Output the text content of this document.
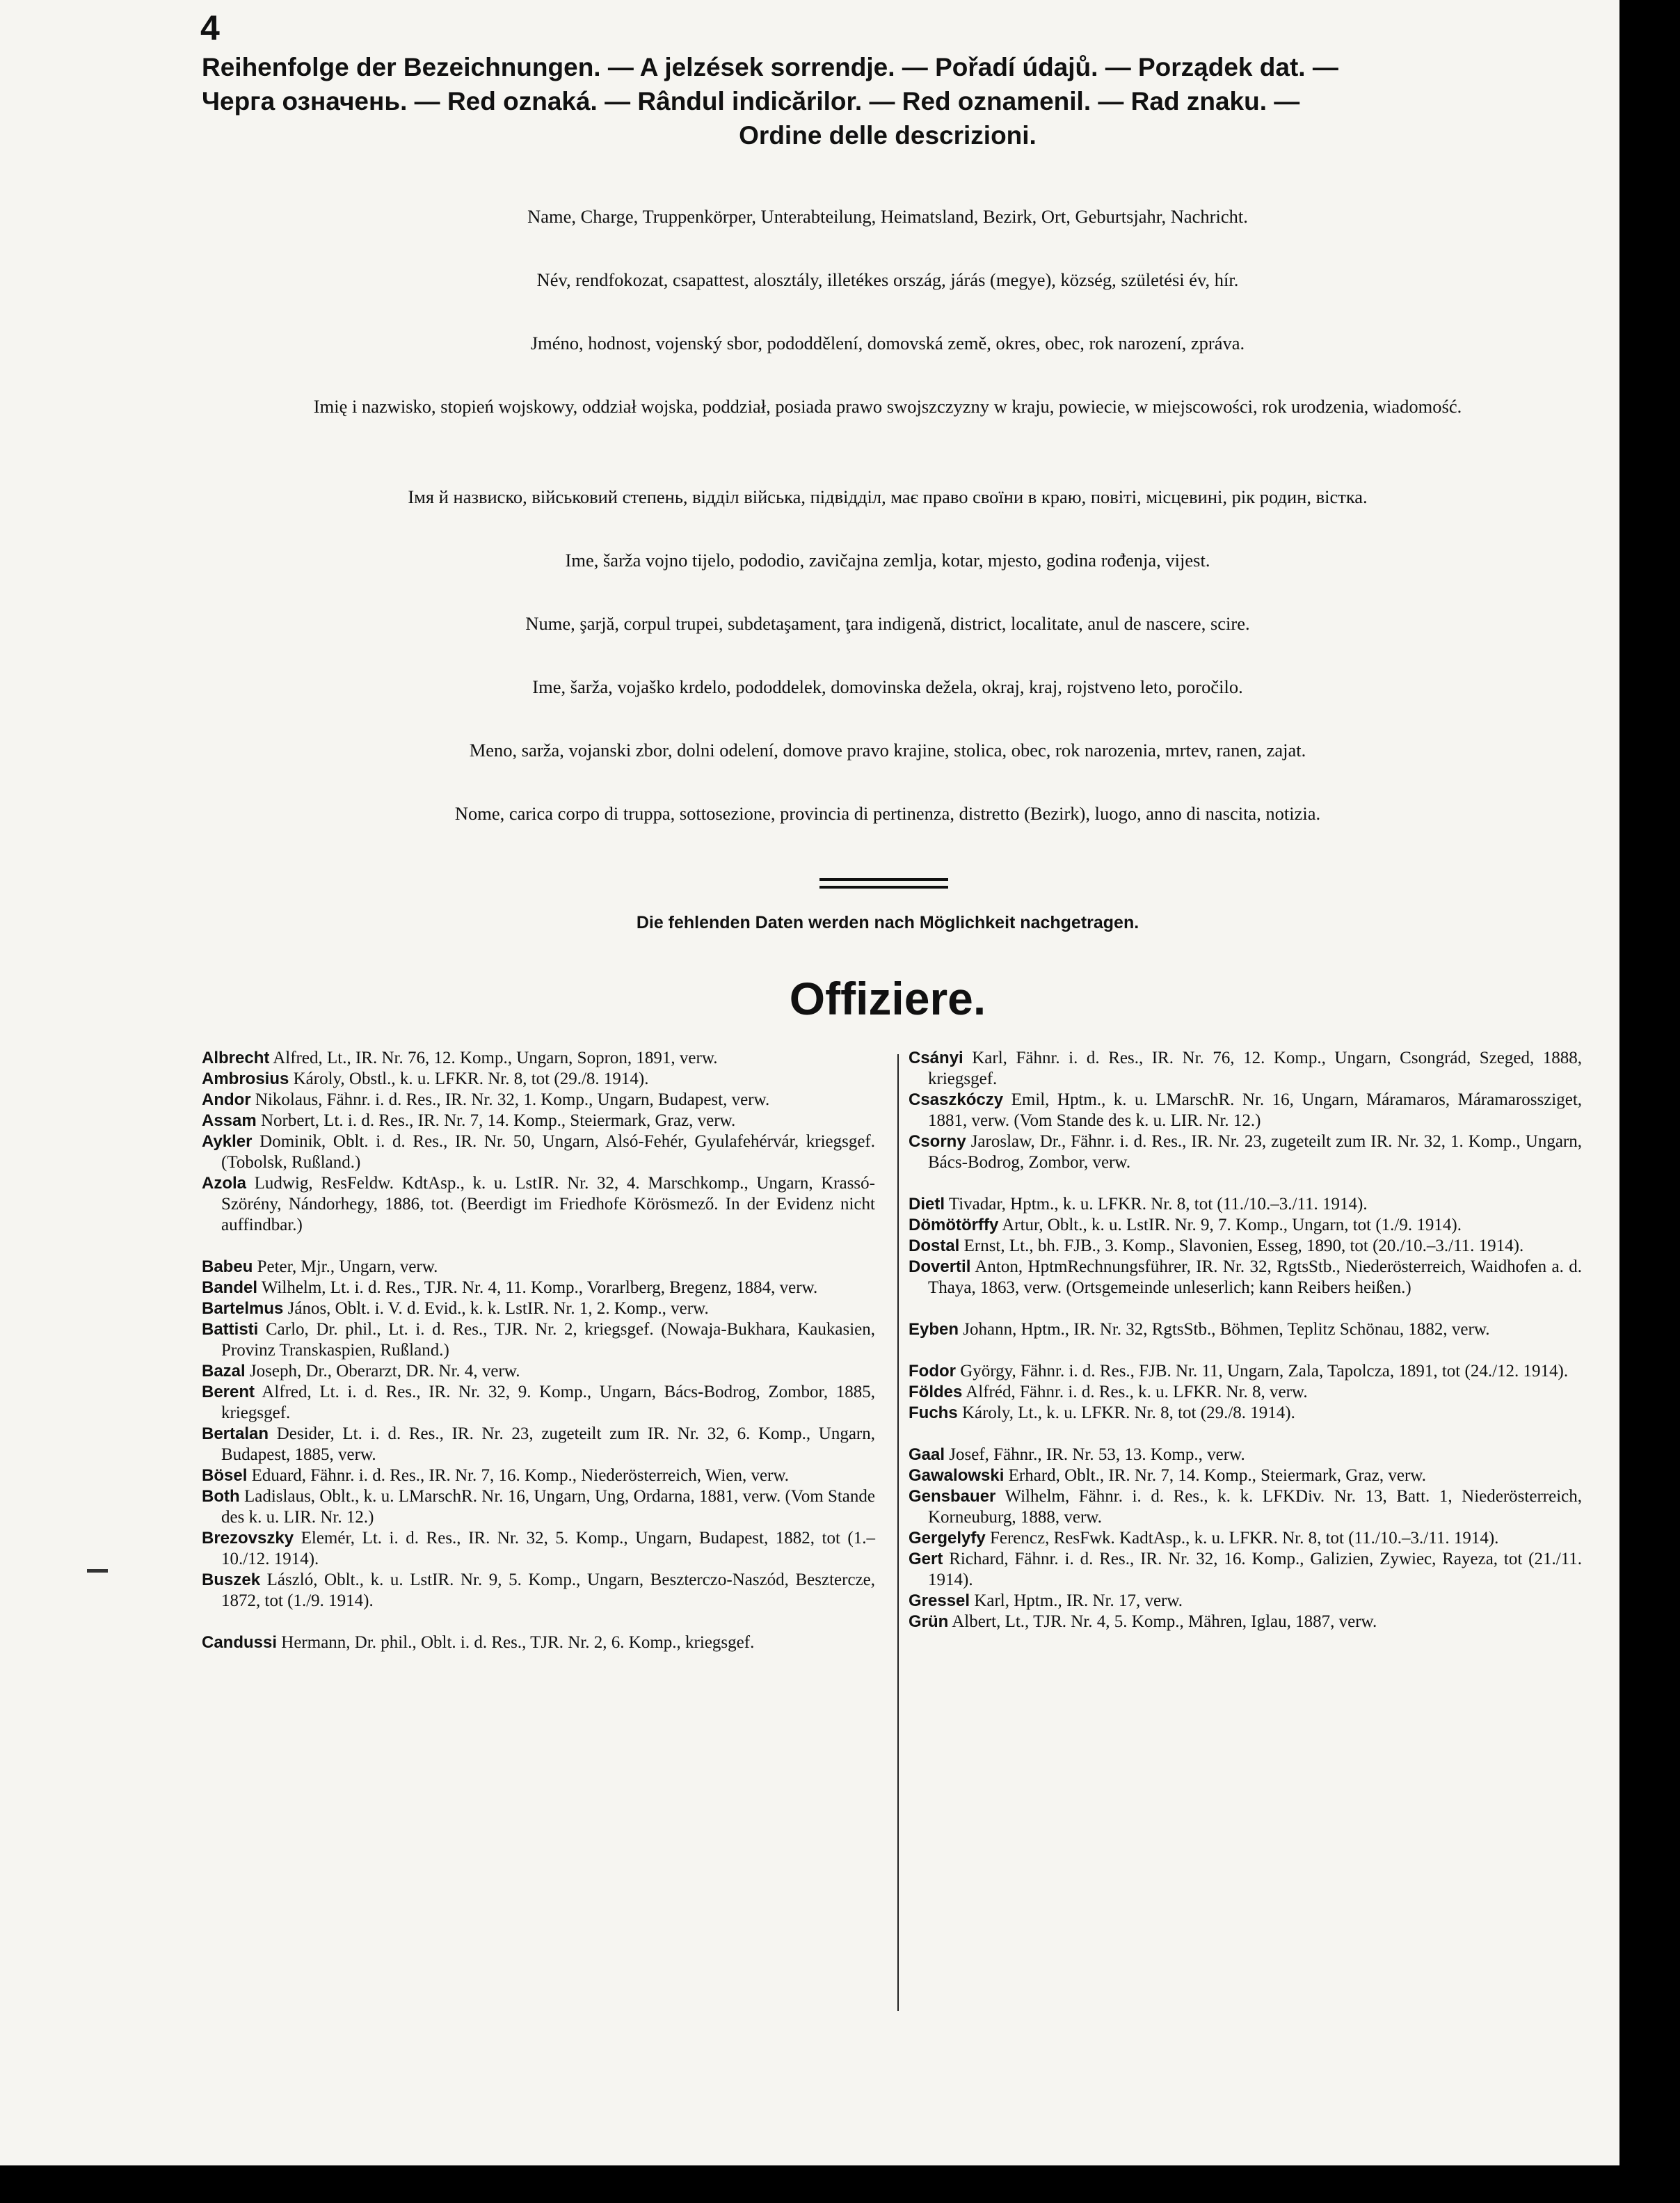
4
Reihenfolge der Bezeichnungen. — A jelzések sorrendje. — Pořadí údajů. — Porządek dat. —
Черга означень. — Red oznaká. — Rândul indicărilor. — Red oznamenil. — Rad znaku. —
Ordine delle descrizioni.
Name, Charge, Truppenkörper, Unterabteilung, Heimatsland, Bezirk, Ort, Geburtsjahr, Nachricht.
Név, rendfokozat, csapattest, alosztály, illetékes ország, járás (megye), község, születési év, hír.
Jméno, hodnost, vojenský sbor, pododdělení, domovská země, okres, obec, rok narození, zpráva.
Imię i nazwisko, stopień wojskowy, oddział wojska, poddział, posiada prawo swojszczyzny w kraju, powiecie, w miejscowości, rok urodzenia, wiadomość.
Імя й назвиско, військовий степень, відділ війська, підвідділ, має право своїни в краю, повіті, місцевині, рік родин, вістка.
Ime, šarža vojno tijelo, pododio, zavičajna zemlja, kotar, mjesto, godina rođenja, vijest.
Nume, şarjă, corpul trupei, subdetaşament, ţara indigenă, district, localitate, anul de nascere, scire.
Ime, šarža, vojaško krdelo, pododdelek, domovinska dežela, okraj, kraj, rojstveno leto, poročilo.
Meno, sarža, vojanski zbor, dolni odelení, domove pravo krajine, stolica, obec, rok narozenia, mrtev, ranen, zajat.
Nome, carica corpo di truppa, sottosezione, provincia di pertinenza, distretto (Bezirk), luogo, anno di nascita, notizia.
Die fehlenden Daten werden nach Möglichkeit nachgetragen.
Offiziere.
Albrecht Alfred, Lt., IR. Nr. 76, 12. Komp., Ungarn, Sopron, 1891, verw.
Ambrosius Károly, Obstl., k. u. LFKR. Nr. 8, tot (29./8. 1914).
Andor Nikolaus, Fähnr. i. d. Res., IR. Nr. 32, 1. Komp., Ungarn, Budapest, verw.
Assam Norbert, Lt. i. d. Res., IR. Nr. 7, 14. Komp., Steiermark, Graz, verw.
Aykler Dominik, Oblt. i. d. Res., IR. Nr. 50, Ungarn, Alsó-Fehér, Gyulafehérvár, kriegsgef. (Tobolsk, Rußland.)
Azola Ludwig, ResFeldw. KdtAsp., k. u. LstIR. Nr. 32, 4. Marschkomp., Ungarn, Krassó-Szörény, Nándorhegy, 1886, tot. (Beerdigt im Friedhofe Körösmező. In der Evidenz nicht auffindbar.)
Babeu Peter, Mjr., Ungarn, verw.
Bandel Wilhelm, Lt. i. d. Res., TJR. Nr. 4, 11. Komp., Vorarlberg, Bregenz, 1884, verw.
Bartelmus János, Oblt. i. V. d. Evid., k. k. LstIR. Nr. 1, 2. Komp., verw.
Battisti Carlo, Dr. phil., Lt. i. d. Res., TJR. Nr. 2, kriegsgef. (Nowaja-Bukhara, Kaukasien, Provinz Transkaspien, Rußland.)
Bazal Joseph, Dr., Oberarzt, DR. Nr. 4, verw.
Berent Alfred, Lt. i. d. Res., IR. Nr. 32, 9. Komp., Ungarn, Bács-Bodrog, Zombor, 1885, kriegsgef.
Bertalan Desider, Lt. i. d. Res., IR. Nr. 23, zugeteilt zum IR. Nr. 32, 6. Komp., Ungarn, Budapest, 1885, verw.
Bösel Eduard, Fähnr. i. d. Res., IR. Nr. 7, 16. Komp., Niederösterreich, Wien, verw.
Both Ladislaus, Oblt., k. u. LMarschR. Nr. 16, Ungarn, Ung, Ordarna, 1881, verw. (Vom Stande des k. u. LIR. Nr. 12.)
Brezovszky Elemér, Lt. i. d. Res., IR. Nr. 32, 5. Komp., Ungarn, Budapest, 1882, tot (1.–10./12. 1914).
Buszek László, Oblt., k. u. LstIR. Nr. 9, 5. Komp., Ungarn, Beszterczo-Naszód, Besztercze, 1872, tot (1./9. 1914).
Candussi Hermann, Dr. phil., Oblt. i. d. Res., TJR. Nr. 2, 6. Komp., kriegsgef.
Csányi Karl, Fähnr. i. d. Res., IR. Nr. 76, 12. Komp., Ungarn, Csongrád, Szeged, 1888, kriegsgef.
Csaszkóczy Emil, Hptm., k. u. LMarschR. Nr. 16, Ungarn, Máramaros, Máramarossziget, 1881, verw. (Vom Stande des k. u. LIR. Nr. 12.)
Csorny Jaroslaw, Dr., Fähnr. i. d. Res., IR. Nr. 23, zugeteilt zum IR. Nr. 32, 1. Komp., Ungarn, Bács-Bodrog, Zombor, verw.
Dietl Tivadar, Hptm., k. u. LFKR. Nr. 8, tot (11./10.–3./11. 1914).
Dömötörffy Artur, Oblt., k. u. LstIR. Nr. 9, 7. Komp., Ungarn, tot (1./9. 1914).
Dostal Ernst, Lt., bh. FJB., 3. Komp., Slavonien, Esseg, 1890, tot (20./10.–3./11. 1914).
Dovertil Anton, HptmRechnungsführer, IR. Nr. 32, RgtsStb., Niederösterreich, Waidhofen a. d. Thaya, 1863, verw. (Ortsgemeinde unleserlich; kann Reibers heißen.)
Eyben Johann, Hptm., IR. Nr. 32, RgtsStb., Böhmen, Teplitz Schönau, 1882, verw.
Fodor György, Fähnr. i. d. Res., FJB. Nr. 11, Ungarn, Zala, Tapolcza, 1891, tot (24./12. 1914).
Földes Alfréd, Fähnr. i. d. Res., k. u. LFKR. Nr. 8, verw.
Fuchs Károly, Lt., k. u. LFKR. Nr. 8, tot (29./8. 1914).
Gaal Josef, Fähnr., IR. Nr. 53, 13. Komp., verw.
Gawalowski Erhard, Oblt., IR. Nr. 7, 14. Komp., Steiermark, Graz, verw.
Gensbauer Wilhelm, Fähnr. i. d. Res., k. k. LFKDiv. Nr. 13, Batt. 1, Niederösterreich, Korneuburg, 1888, verw.
Gergelyfy Ferencz, ResFwk. KadtAsp., k. u. LFKR. Nr. 8, tot (11./10.–3./11. 1914).
Gert Richard, Fähnr. i. d. Res., IR. Nr. 32, 16. Komp., Galizien, Zywiec, Rayeza, tot (21./11. 1914).
Gressel Karl, Hptm., IR. Nr. 17, verw.
Grün Albert, Lt., TJR. Nr. 4, 5. Komp., Mähren, Iglau, 1887, verw.
